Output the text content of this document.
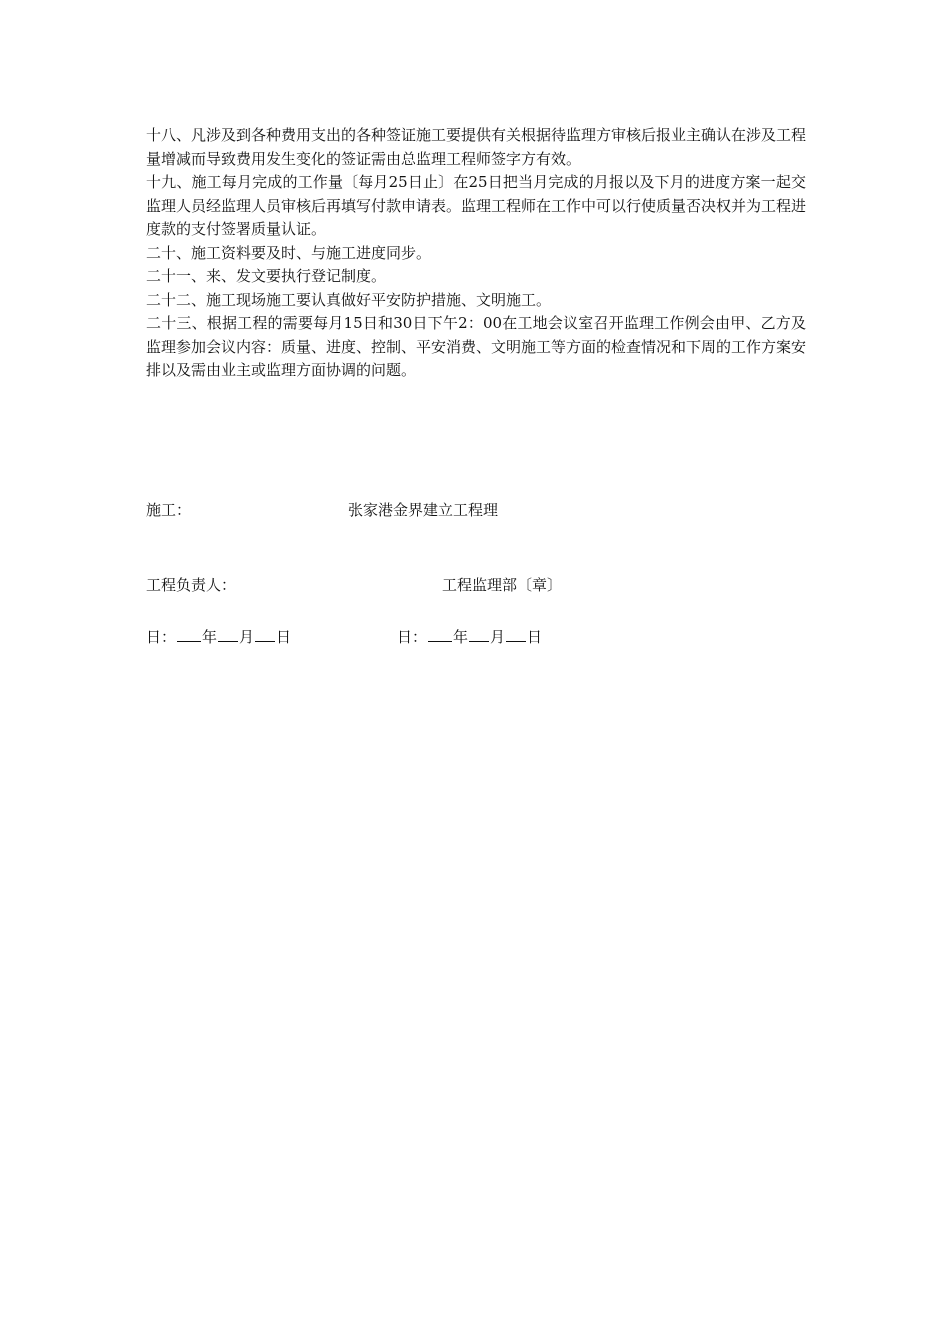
十八、凡涉及到各种费用支出的各种签证施工要提供有关根据待监理方审核后报业主确认在涉及工程量增减而导致费用发生变化的签证需由总监理工程师签字方有效。

十九、施工每月完成的工作量〔每月25日止〕在25日把当月完成的月报以及下月的进度方案一起交监理人员经监理人员审核后再填写付款申请表。监理工程师在工作中可以行使质量否决权并为工程进度款的支付签署质量认证。

二十、施工资料要及时、与施工进度同步。

二十一、来、发文要执行登记制度。

二十二、施工现场施工要认真做好平安防护措施、文明施工。

二十三、根据工程的需要每月15日和30日下午2：00在工地会议室召开监理工作例会由甲、乙方及监理参加会议内容：质量、进度、控制、平安消费、文明施工等方面的检查情况和下周的工作方案安排以及需由业主或监理方面协调的问题。

施工：	张家港金界建立工程理
工程负责人：	工程监理部〔章〕
日： 年 月 日	日： 年 月 日
